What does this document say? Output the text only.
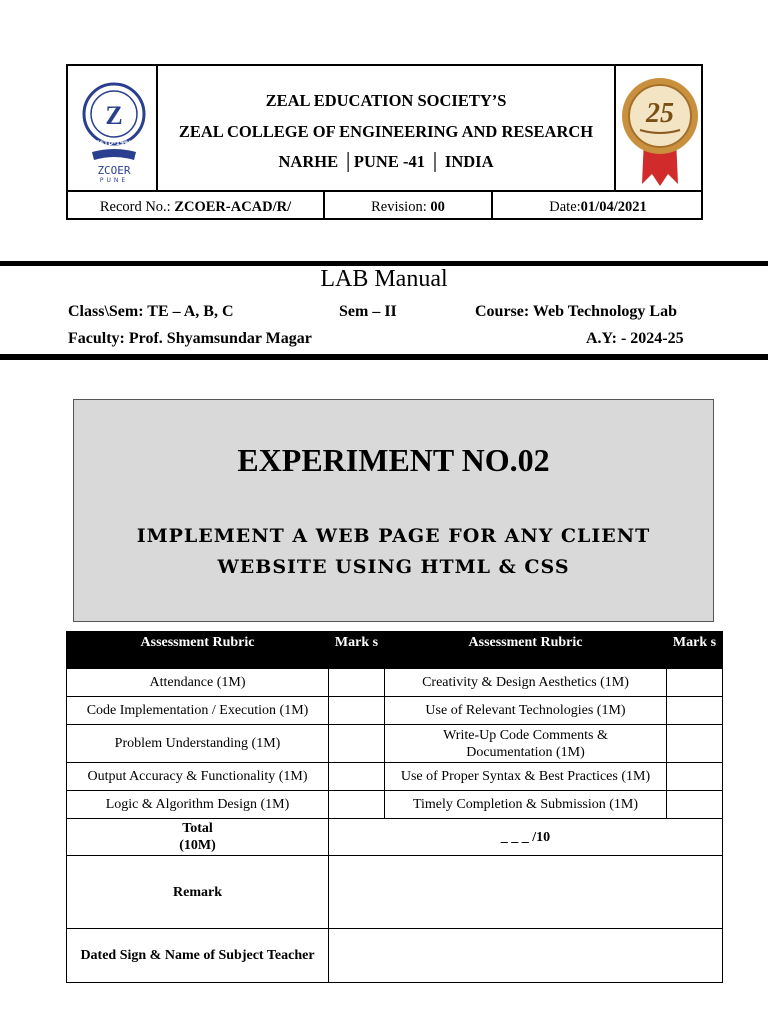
Z
ESTD-1998
ZCOER
PUNE
ZEAL EDUCATION SOCIETY’S
ZEAL COLLEGE OF ENGINEERING AND RESEARCH
NARHE │PUNE -41 │ INDIA
25
Record No.: ZCOER-ACAD/R/	Revision: 00	Date:01/04/2021
LAB Manual
Class\Sem: TE – A, B, C	Sem – II	Course: Web Technology Lab
Faculty: Prof. Shyamsundar Magar	A.Y: - 2024-25
EXPERIMENT NO.02
IMPLEMENT A WEB PAGE FOR ANY CLIENT
WEBSITE USING HTML & CSS
Assessment Rubric	Mark s	Assessment Rubric	Mark s
Attendance (1M)		Creativity & Design Aesthetics (1M)	
Code Implementation / Execution (1M)		Use of Relevant Technologies (1M)	
Problem Understanding (1M)		Write-Up Code Comments & Documentation (1M)	
Output Accuracy & Functionality (1M)		Use of Proper Syntax & Best Practices (1M)	
Logic & Algorithm Design (1M)		Timely Completion & Submission (1M)	

Total
(10M)	_ _ _ /10		
Remark			
Dated Sign & Name of Subject Teacher			
